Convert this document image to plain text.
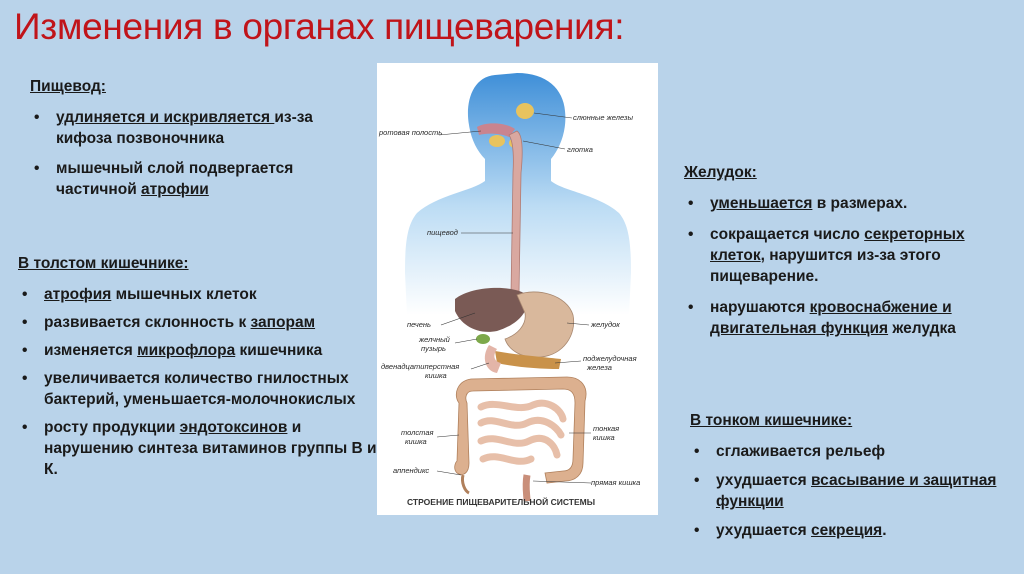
Изменения в органах пищеварения:
Пищевод:
• удлиняется и искривляется из-за кифоза позвоночника
• мышечный слой подвергается частичной атрофии
В толстом кишечнике:
• атрофия мышечных клеток
• развивается склонность к запорам
• изменяется микрофлора кишечника
• увеличивается количество гнилостных бактерий, уменьшается-молочнокислых
• росту продукции эндотоксинов и нарушению синтеза витаминов группы В и К.
слюнные железы
ротовая полость
глотка
пищевод
печень	желудок
желчный
пузырь
двенадцатиперстная
кишка
поджелудочная
железа
толстая
кишка
тонкая
кишка
аппендикс
прямая кишка
СТРОЕНИЕ ПИЩЕВАРИТЕЛЬНОЙ СИСТЕМЫ
Желудок:
• уменьшается в размерах.
• сокращается число секреторных клеток, нарушится из-за этого пищеварение.
• нарушаются кровоснабжение и двигательная функция желудка
В тонком кишечнике:
• сглаживается рельеф
• ухудшается всасывание и защитная функции
• ухудшается секреция.
